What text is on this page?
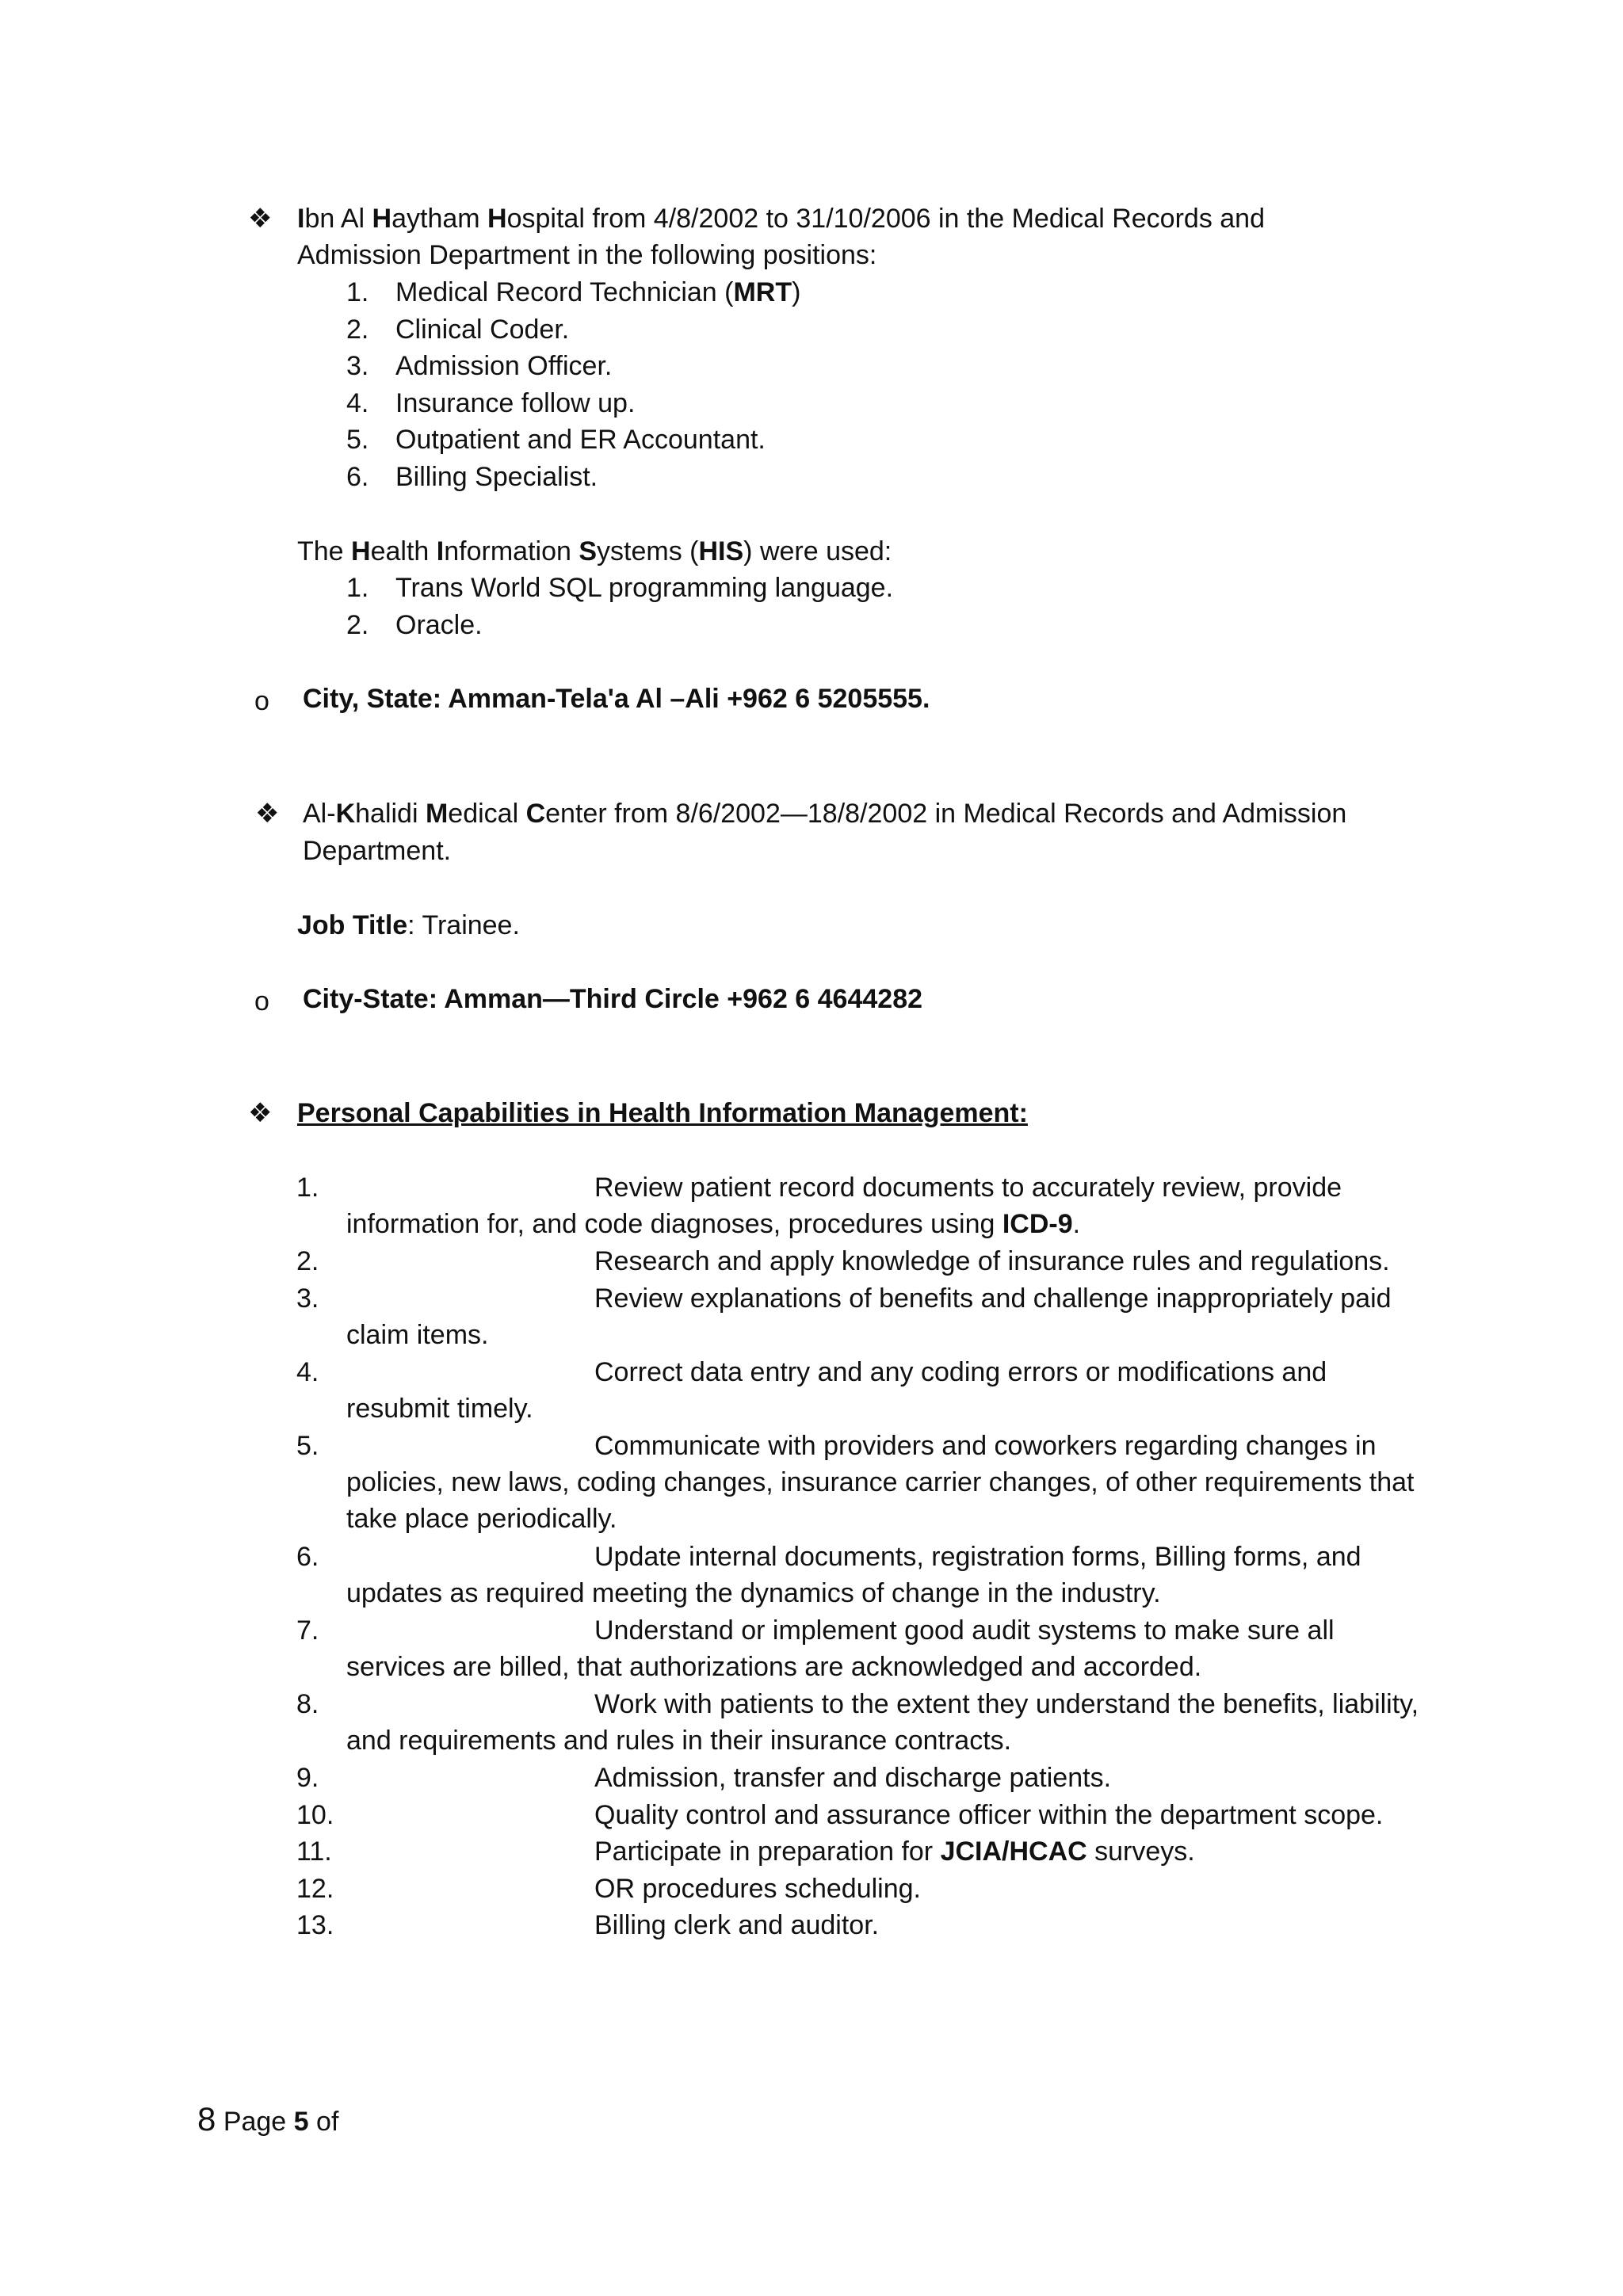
❖ Ibn Al Haytham Hospital from 4/8/2002 to 31/10/2006 in the Medical Records and
Admission Department in the following positions:
1. Medical Record Technician (MRT)
2. Clinical Coder.
3. Admission Officer.
4. Insurance follow up.
5. Outpatient and ER Accountant.
6. Billing Specialist.
The Health Information Systems (HIS) were used:
1. Trans World SQL programming language.
2. Oracle.
o City, State: Amman-Tela'a Al –Ali +962 6 5205555.
❖ Al-Khalidi Medical Center from 8/6/2002—18/8/2002 in Medical Records and Admission
Department.
Job Title: Trainee.
o City-State: Amman—Third Circle +962 6 4644282
❖ Personal Capabilities in Health Information Management:
1.	Review patient record documents to accurately review, provide information for, and code diagnoses, procedures using ICD-9.
2.	Research and apply knowledge of insurance rules and regulations.
3.	Review explanations of benefits and challenge inappropriately paid claim items.
4.	Correct data entry and any coding errors or modifications and resubmit timely.
5.	Communicate with providers and coworkers regarding changes in policies, new laws, coding changes, insurance carrier changes, of other requirements that take place periodically.
6.	Update internal documents, registration forms, Billing forms, and updates as required meeting the dynamics of change in the industry.
7.	Understand or implement good audit systems to make sure all services are billed, that authorizations are acknowledged and accorded.
8.	Work with patients to the extent they understand the benefits, liability, and requirements and rules in their insurance contracts.
9.	Admission, transfer and discharge patients.
10.	Quality control and assurance officer within the department scope.
11.	Participate in preparation for JCIA/HCAC surveys.
12.	OR procedures scheduling.
13.	Billing clerk and auditor.
8 Page 5 of
